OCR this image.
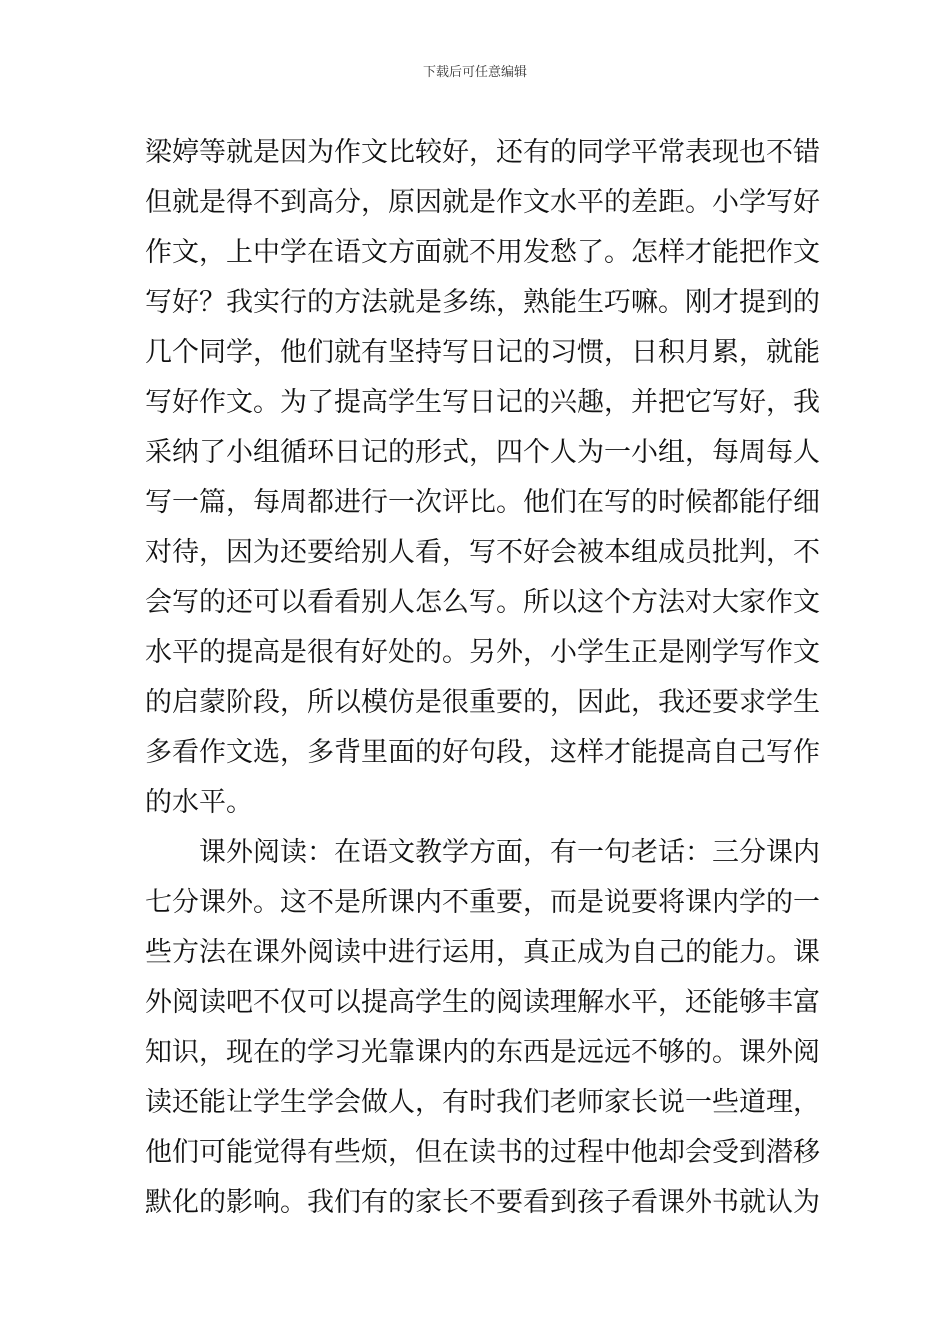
下载后可任意编辑
梁婷等就是因为作文比较好，还有的同学平常表现也不错
但就是得不到高分，原因就是作文水平的差距。小学写好
作文，上中学在语文方面就不用发愁了。怎样才能把作文
写好？我实行的方法就是多练，熟能生巧嘛。刚才提到的
几个同学，他们就有坚持写日记的习惯，日积月累，就能
写好作文。为了提高学生写日记的兴趣，并把它写好，我
采纳了小组循环日记的形式，四个人为一小组，每周每人
写一篇，每周都进行一次评比。他们在写的时候都能仔细
对待，因为还要给别人看，写不好会被本组成员批判，不
会写的还可以看看别人怎么写。所以这个方法对大家作文
水平的提高是很有好处的。另外，小学生正是刚学写作文
的启蒙阶段，所以模仿是很重要的，因此，我还要求学生
多看作文选，多背里面的好句段，这样才能提高自己写作
的水平。
课外阅读：在语文教学方面，有一句老话：三分课内
七分课外。这不是所课内不重要，而是说要将课内学的一
些方法在课外阅读中进行运用，真正成为自己的能力。课
外阅读吧不仅可以提高学生的阅读理解水平，还能够丰富
知识，现在的学习光靠课内的东西是远远不够的。课外阅
读还能让学生学会做人，有时我们老师家长说一些道理，
他们可能觉得有些烦，但在读书的过程中他却会受到潜移
默化的影响。我们有的家长不要看到孩子看课外书就认为
